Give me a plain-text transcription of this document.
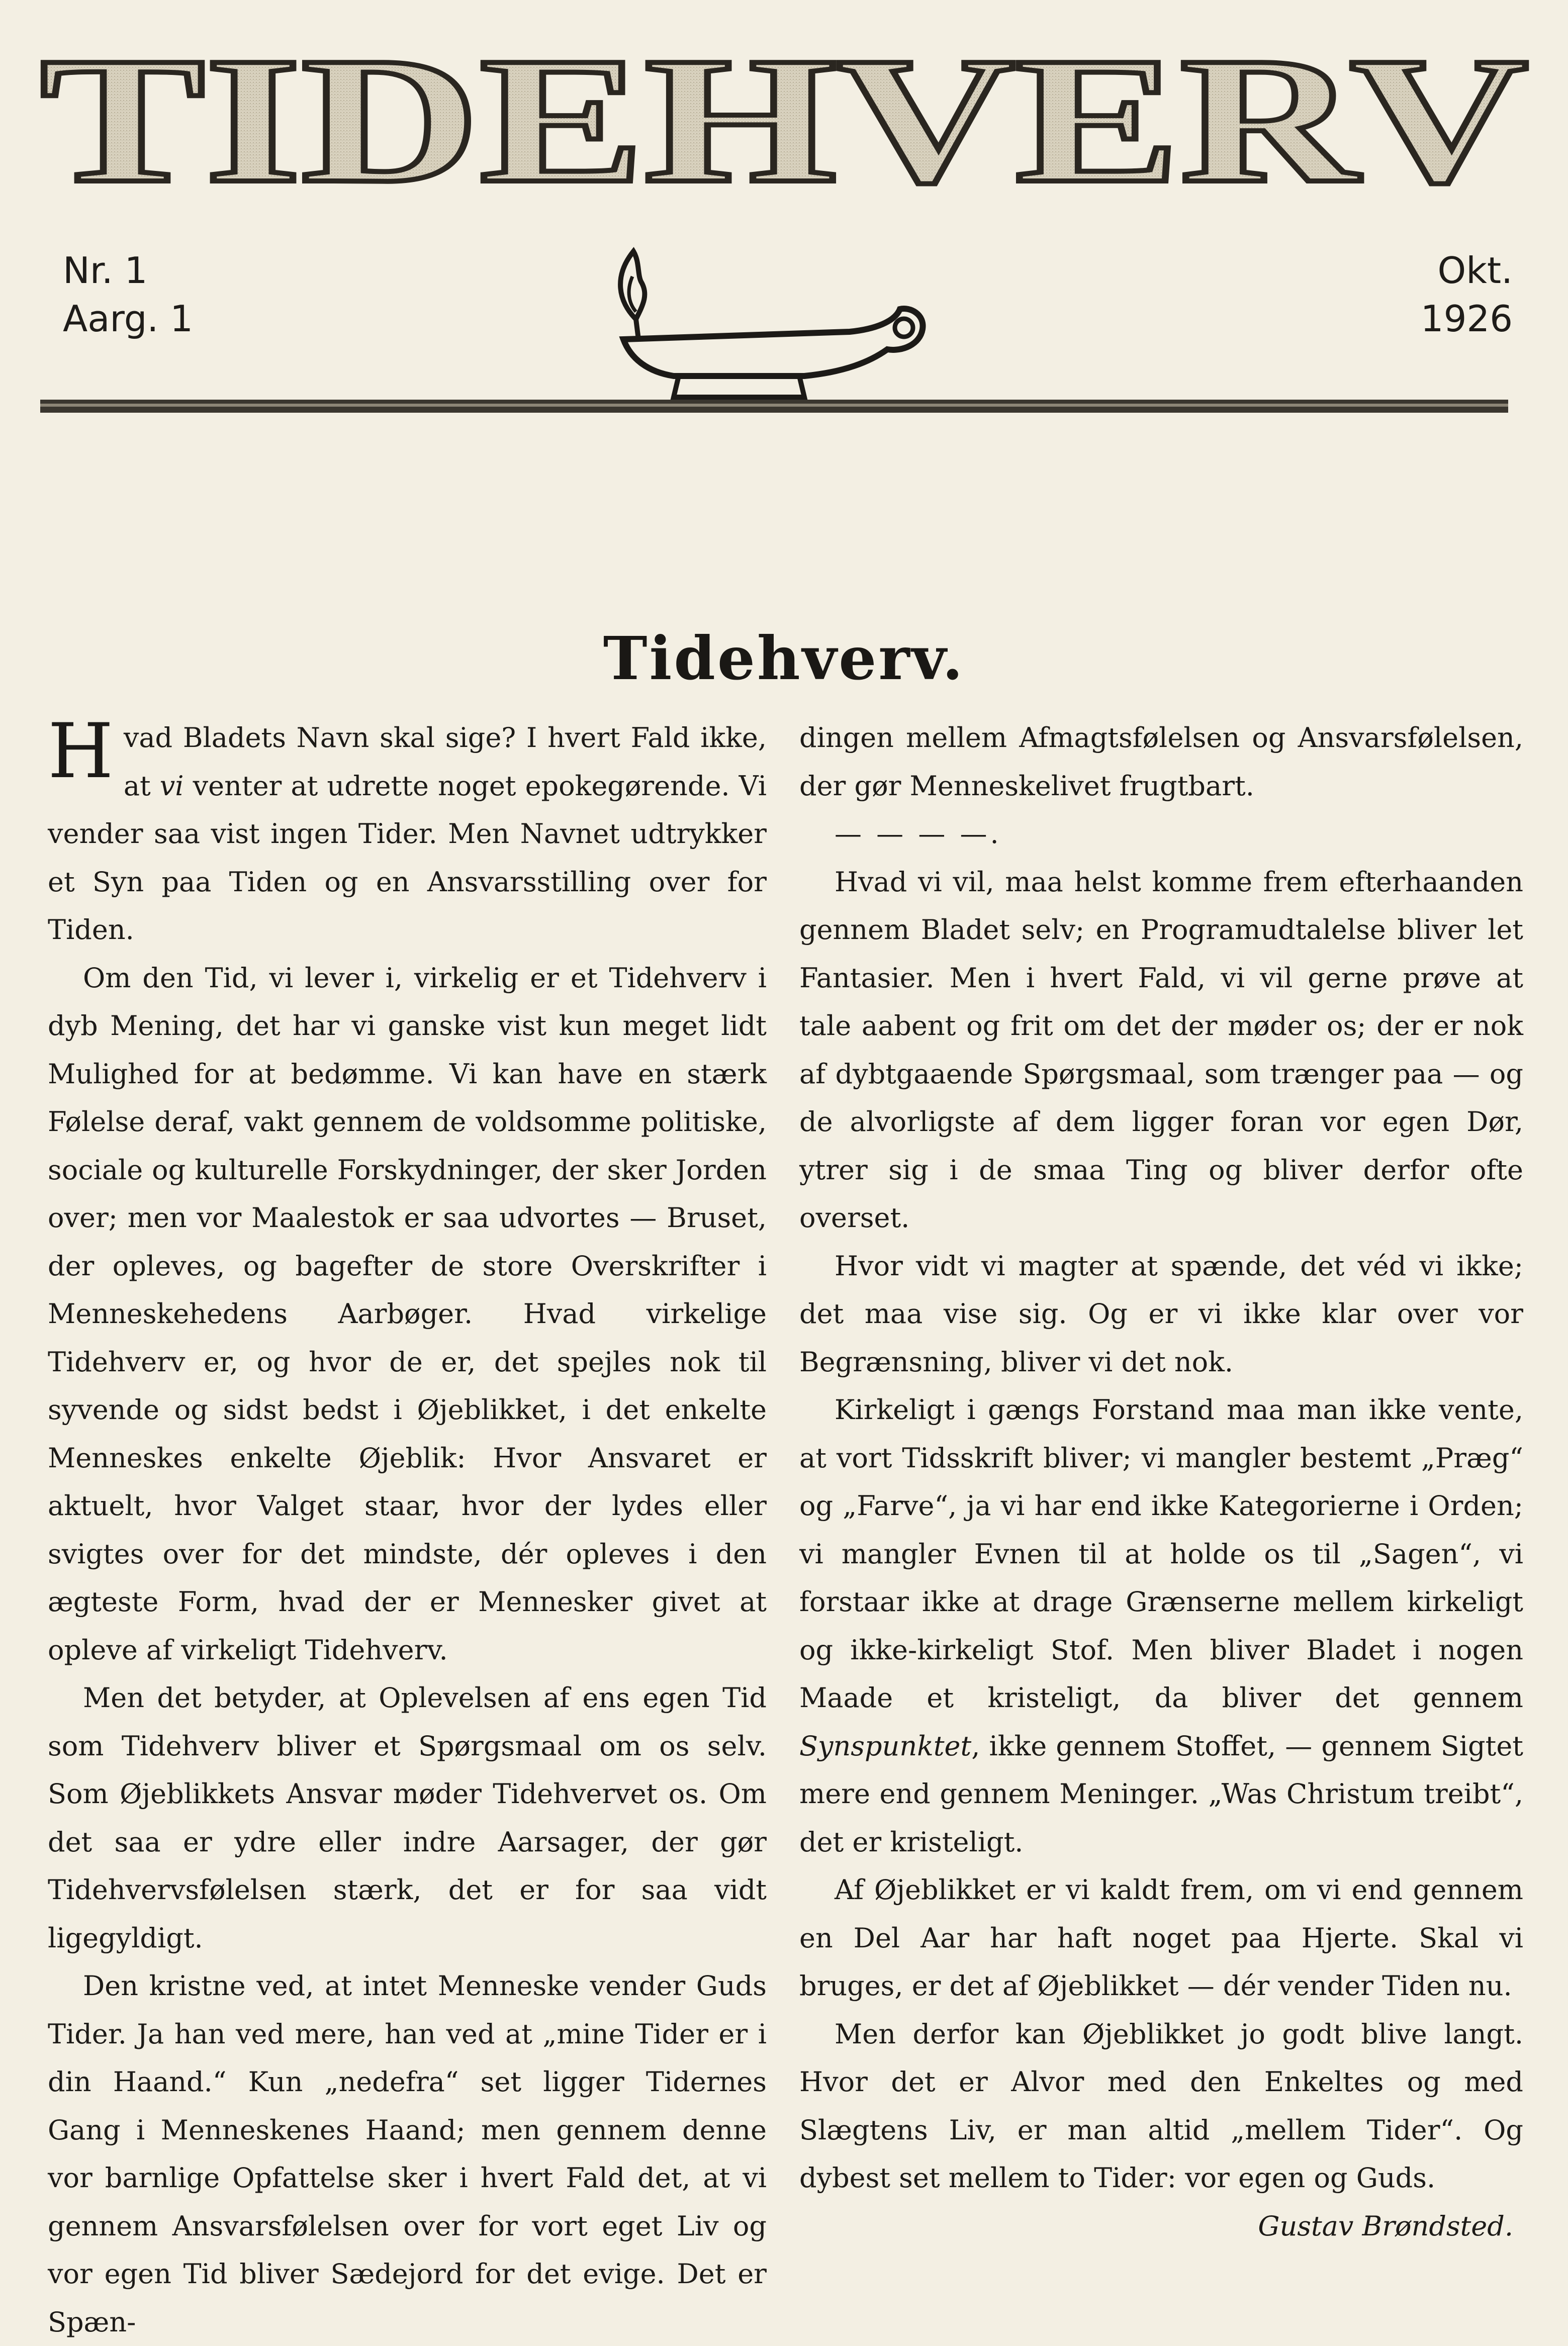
TIDEHVERV
Nr. 1
Aarg. 1
Okt.
1926
Tidehverv.

H vad Bladets Navn skal sige? I hvert Fald ikke, at vi venter at udrette noget epokegørende. Vi vender saa vist ingen Tider. Men Navnet udtrykker et Syn paa Tiden og en Ansvarsstilling over for Tiden.

Om den Tid, vi lever i, virkelig er et Tidehverv i dyb Mening, det har vi ganske vist kun meget lidt Mulighed for at bedømme. Vi kan have en stærk Følelse deraf, vakt gennem de voldsomme politiske, sociale og kulturelle Forskydninger, der sker Jorden over; men vor Maalestok er saa udvortes — Bruset, der opleves, og bagefter de store Overskrifter i Menneskehedens Aarbøger. Hvad virkelige Tidehverv er, og hvor de er, det spejles nok til syvende og sidst bedst i Øjeblikket, i det enkelte Menneskes enkelte Øjeblik: Hvor Ansvaret er aktuelt, hvor Valget staar, hvor der lydes eller svigtes over for det mindste, dér opleves i den ægteste Form, hvad der er Mennesker givet at opleve af virkeligt Tidehverv.

Men det betyder, at Oplevelsen af ens egen Tid som Tidehverv bliver et Spørgsmaal om os selv. Som Øjeblikkets Ansvar møder Tidehvervet os. Om det saa er ydre eller indre Aarsager, der gør Tidehvervsfølelsen stærk, det er for saa vidt ligegyldigt.

Den kristne ved, at intet Menneske vender Guds Tider. Ja han ved mere, han ved at „mine Tider er i din Haand.“ Kun „nedefra“ set ligger Tidernes Gang i Menneskenes Haand; men gennem denne vor barnlige Opfattelse sker i hvert Fald det, at vi gennem Ansvarsfølelsen over for vort eget Liv og vor egen Tid bliver Sædejord for det evige. Det er Spæn-

dingen mellem Afmagtsfølelsen og Ansvarsfølelsen, der gør Menneskelivet frugtbart.

— — — —.

Hvad vi vil, maa helst komme frem efterhaanden gennem Bladet selv; en Programudtalelse bliver let Fantasier. Men i hvert Fald, vi vil gerne prøve at tale aabent og frit om det der møder os; der er nok af dybtgaaende Spørgsmaal, som trænger paa — og de alvorligste af dem ligger foran vor egen Dør, ytrer sig i de smaa Ting og bliver derfor ofte overset.

Hvor vidt vi magter at spænde, det véd vi ikke; det maa vise sig. Og er vi ikke klar over vor Begrænsning, bliver vi det nok.

Kirkeligt i gængs Forstand maa man ikke vente, at vort Tidsskrift bliver; vi mangler bestemt „Præg“ og „Farve“, ja vi har end ikke Kategorierne i Orden; vi mangler Evnen til at holde os til „Sagen“, vi forstaar ikke at drage Grænserne mellem kirkeligt og ikke-kirkeligt Stof. Men bliver Bladet i nogen Maade et kristeligt, da bliver det gennem Synspunktet, ikke gennem Stoffet, — gennem Sigtet mere end gennem Meninger. „Was Christum treibt“, det er kristeligt.

Af Øjeblikket er vi kaldt frem, om vi end gennem en Del Aar har haft noget paa Hjerte. Skal vi bruges, er det af Øjeblikket — dér vender Tiden nu.

Men derfor kan Øjeblikket jo godt blive langt. Hvor det er Alvor med den Enkeltes og med Slægtens Liv, er man altid „mellem Tider“. Og dybest set mellem to Tider: vor egen og Guds.

Gustav Brøndsted.
